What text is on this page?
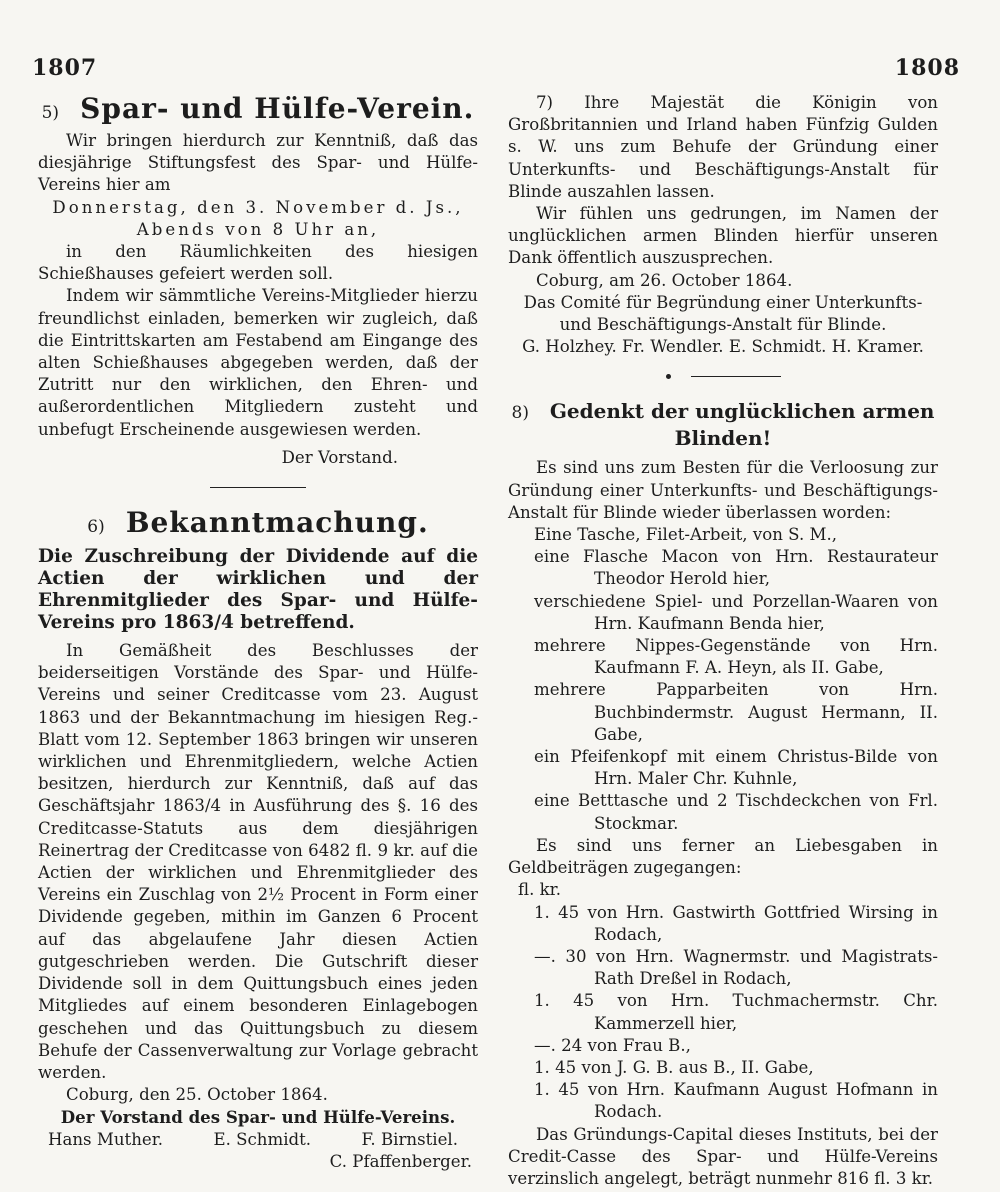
1807	1808

5) Spar- und Hülfe-Verein.

Wir bringen hierdurch zur Kenntniß, daß das diesjährige Stiftungsfest des Spar- und Hülfe-Vereins hier am

Donnerstag, den 3. November d. Js.,

Abends von 8 Uhr an,

in den Räumlichkeiten des hiesigen Schießhauses gefeiert werden soll.

Indem wir sämmtliche Vereins-Mitglieder hierzu freundlichst einladen, bemerken wir zugleich, daß die Eintrittskarten am Festabend am Eingange des alten Schießhauses abgegeben werden, daß der Zutritt nur den wirklichen, den Ehren- und außerordentlichen Mitgliedern zusteht und unbefugt Erscheinende ausgewiesen werden.

Der Vorstand.

6) Bekanntmachung.

Die Zuschreibung der Dividende auf die Actien der wirklichen und der Ehrenmitglieder des Spar- und Hülfe-Vereins pro 1863/4 betreffend.

In Gemäßheit des Beschlusses der beiderseitigen Vorstände des Spar- und Hülfe-Vereins und seiner Creditcasse vom 23. August 1863 und der Bekanntmachung im hiesigen Reg.-Blatt vom 12. September 1863 bringen wir unseren wirklichen und Ehrenmitgliedern, welche Actien besitzen, hierdurch zur Kenntniß, daß auf das Geschäftsjahr 1863/4 in Ausführung des §. 16 des Creditcasse-Statuts aus dem diesjährigen Reinertrag der Creditcasse von 6482 fl. 9 kr. auf die Actien der wirklichen und Ehrenmitglieder des Vereins ein Zuschlag von 2½ Procent in Form einer Dividende gegeben, mithin im Ganzen 6 Procent auf das abgelaufene Jahr diesen Actien gutgeschrieben werden. Die Gutschrift dieser Dividende soll in dem Quittungsbuch eines jeden Mitgliedes auf einem besonderen Einlagebogen geschehen und das Quittungsbuch zu diesem Behufe der Cassenverwaltung zur Vorlage gebracht werden.

Coburg, den 25. October 1864.

Der Vorstand des Spar- und Hülfe-Vereins.

Hans Muther.	E. Schmidt.	F. Birnstiel.

C. Pfaffenberger.

7) Ihre Majestät die Königin von Großbritannien und Irland haben Fünfzig Gulden s. W. uns zum Behufe der Gründung einer Unterkunfts- und Beschäftigungs-Anstalt für Blinde auszahlen lassen.

Wir fühlen uns gedrungen, im Namen der unglücklichen armen Blinden hierfür unseren Dank öffentlich auszusprechen.

Coburg, am 26. October 1864.

Das Comité für Begründung einer Unterkunfts- und Beschäftigungs-Anstalt für Blinde.

G. Holzhey. Fr. Wendler. E. Schmidt. H. Kramer.

8) Gedenkt der unglücklichen armen Blinden!

Es sind uns zum Besten für die Verloosung zur Gründung einer Unterkunfts- und Beschäftigungs-Anstalt für Blinde wieder überlassen worden:

Eine Tasche, Filet-Arbeit, von S. M.,

eine Flasche Macon von Hrn. Restaurateur Theodor Herold hier,

verschiedene Spiel- und Porzellan-Waaren von Hrn. Kaufmann Benda hier,

mehrere Nippes-Gegenstände von Hrn. Kaufmann F. A. Heyn, als II. Gabe,

mehrere Papparbeiten von Hrn. Buchbindermstr. August Hermann, II. Gabe,

ein Pfeifenkopf mit einem Christus-Bilde von Hrn. Maler Chr. Kuhnle,

eine Betttasche und 2 Tischdeckchen von Frl. Stockmar.

Es sind uns ferner an Liebesgaben in Geldbeiträgen zugegangen:

fl. kr.

1. 45 von Hrn. Gastwirth Gottfried Wirsing in Rodach,

—. 30 von Hrn. Wagnermstr. und Magistrats-Rath Dreßel in Rodach,

1. 45 von Hrn. Tuchmachermstr. Chr. Kammerzell hier,

—. 24 von Frau B.,

1. 45 von J. G. B. aus B., II. Gabe,

1. 45 von Hrn. Kaufmann August Hofmann in Rodach.

Das Gründungs-Capital dieses Instituts, bei der Credit-Casse des Spar- und Hülfe-Vereins verzinslich angelegt, beträgt nunmehr 816 fl. 3 kr.
